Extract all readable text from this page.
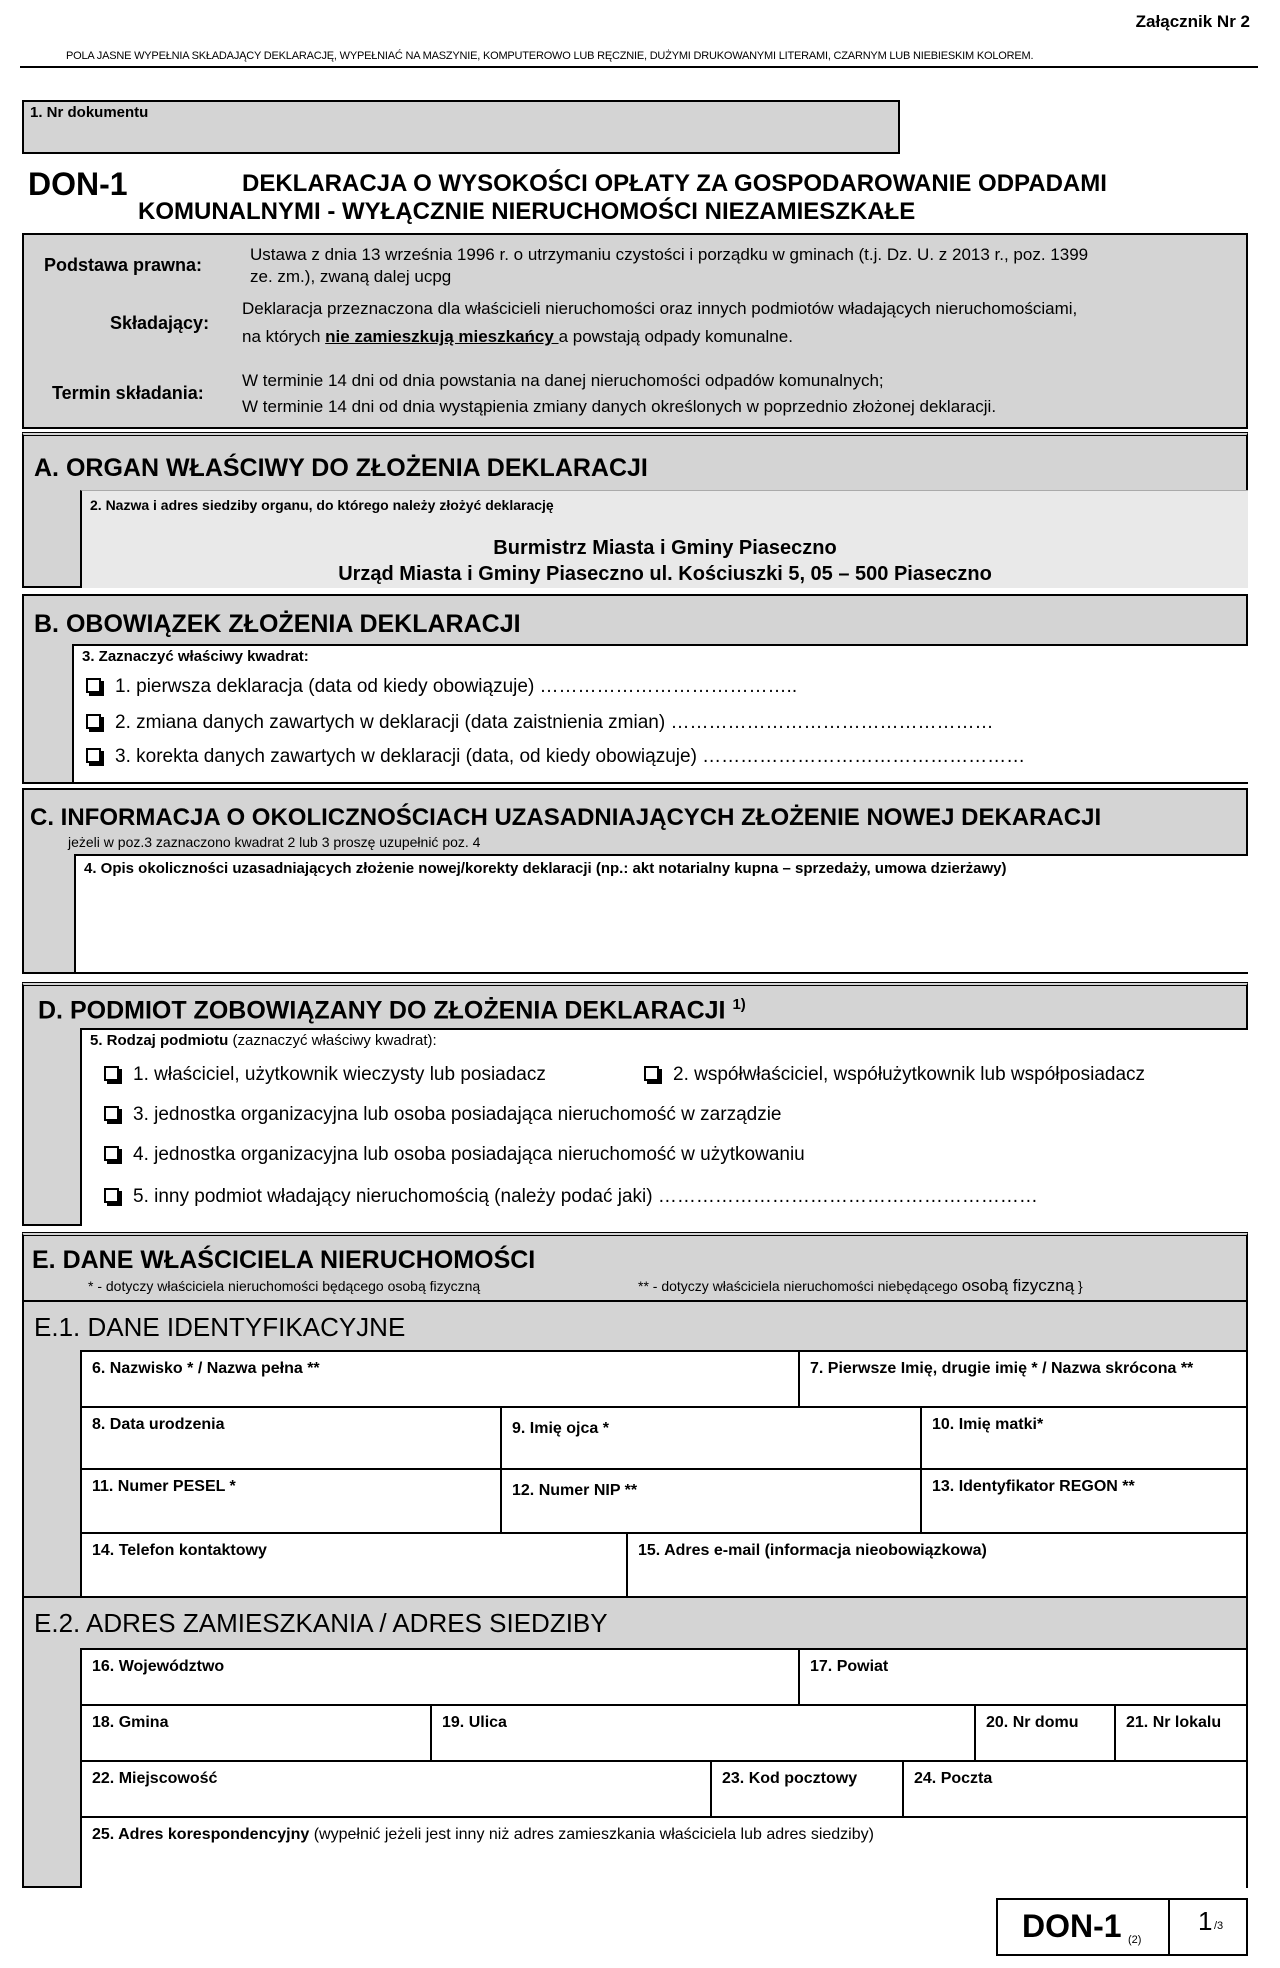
Załącznik Nr 2
POLA JASNE WYPEŁNIA SKŁADAJĄCY DEKLARACJĘ, WYPEŁNIAĆ NA MASZYNIE, KOMPUTEROWO LUB RĘCZNIE, DUŻYMI DRUKOWANYMI LITERAMI, CZARNYM LUB NIEBIESKIM KOLOREM.
1. Nr dokumentu
DON-1	DEKLARACJA O WYSOKOŚCI OPŁATY ZA GOSPODAROWANIE ODPADAMI
KOMUNALNYMI - WYŁĄCZNIE NIERUCHOMOŚCI NIEZAMIESZKAŁE
Podstawa prawna:
Ustawa z dnia 13 września 1996 r. o utrzymaniu czystości i porządku w gminach (t.j. Dz. U. z 2013 r., poz. 1399
ze. zm.), zwaną dalej ucpg
Składający:
Deklaracja przeznaczona dla właścicieli nieruchomości oraz innych podmiotów władających nieruchomościami,
na których nie zamieszkują mieszkańcy a powstają odpady komunalne.
Termin składania:
W terminie 14 dni od dnia powstania na danej nieruchomości odpadów komunalnych;
W terminie 14 dni od dnia wystąpienia zmiany danych określonych w poprzednio złożonej deklaracji.
A. ORGAN WŁAŚCIWY DO ZŁOŻENIA DEKLARACJI
2. Nazwa i adres siedziby organu, do którego należy złożyć deklarację
Burmistrz Miasta i Gminy Piaseczno
Urząd Miasta i Gminy Piaseczno ul. Kościuszki 5, 05 – 500 Piaseczno
B. OBOWIĄZEK ZŁOŻENIA DEKLARACJI
3. Zaznaczyć właściwy kwadrat:
1. pierwsza deklaracja (data od kiedy obowiązuje) …………………………………..
2. zmiana danych zawartych w deklaracji (data zaistnienia zmian) ……………………………………………
3. korekta danych zawartych w deklaracji (data, od kiedy obowiązuje) ……………………………………………
C. INFORMACJA O OKOLICZNOŚCIACH UZASADNIAJĄCYCH ZŁOŻENIE NOWEJ DEKARACJI
jeżeli w poz.3 zaznaczono kwadrat 2 lub 3 proszę uzupełnić poz. 4
4. Opis okoliczności uzasadniających złożenie nowej/korekty deklaracji (np.: akt notarialny kupna – sprzedaży, umowa dzierżawy)
D. PODMIOT ZOBOWIĄZANY DO ZŁOŻENIA DEKLARACJI $^{1)}$
5. Rodzaj podmiotu (zaznaczyć właściwy kwadrat):
1. właściciel, użytkownik wieczysty lub posiadacz	2. współwłaściciel, współużytkownik lub współposiadacz
3. jednostka organizacyjna lub osoba posiadająca nieruchomość w zarządzie
4. jednostka organizacyjna lub osoba posiadająca nieruchomość w użytkowaniu
5. inny podmiot władający nieruchomością (należy podać jaki) ……………………………………………………
E. DANE WŁAŚCICIELA NIERUCHOMOŚCI
* - dotyczy właściciela nieruchomości będącego osobą fizyczną	** - dotyczy właściciela nieruchomości niebędącego osobą fizyczną }
E.1. DANE IDENTYFIKACYJNE
6. Nazwisko * / Nazwa pełna **	7. Pierwsze Imię, drugie imię * / Nazwa skrócona **
8. Data urodzenia	9. Imię ojca *	10. Imię matki*
11. Numer PESEL *	12. Numer NIP **	13. Identyfikator REGON **
14. Telefon kontaktowy	15. Adres e-mail (informacja nieobowiązkowa)
E.2. ADRES ZAMIESZKANIA / ADRES SIEDZIBY
16. Województwo	17. Powiat
18. Gmina	19. Ulica	20. Nr domu	21. Nr lokalu
22. Miejscowość	23. Kod pocztowy	24. Poczta
25. Adres korespondencyjny (wypełnić jeżeli jest inny niż adres zamieszkania właściciela lub adres siedziby)
DON-1 (2)
1 /3
